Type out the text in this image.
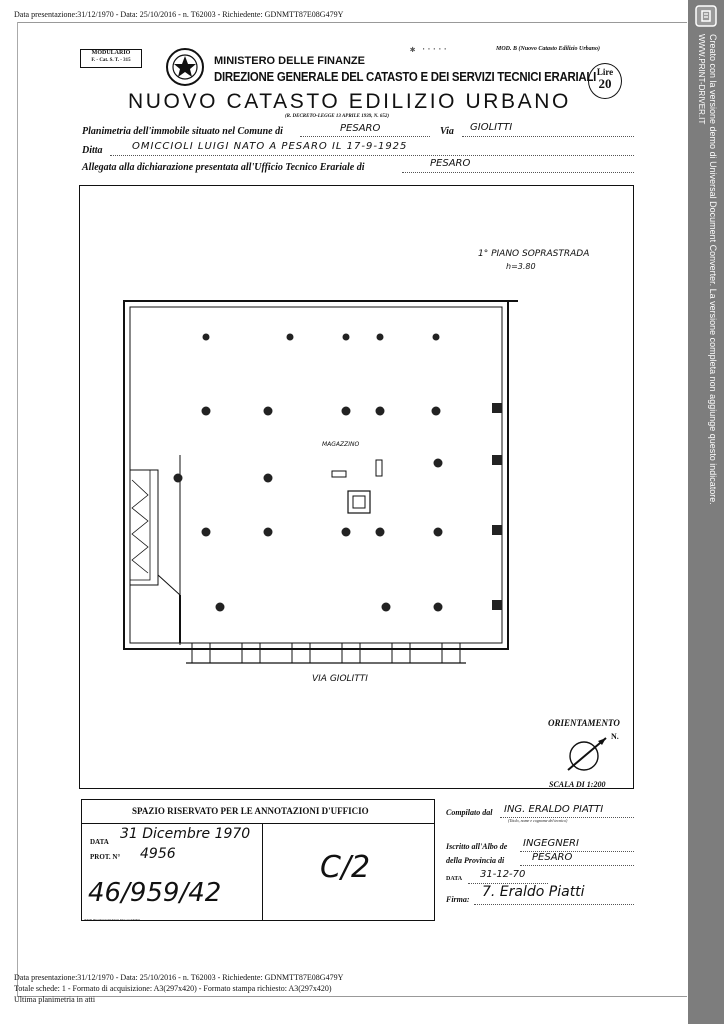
Data presentazione:31/12/1970 - Data: 25/10/2016 - n. T62003 - Richiedente: GDNMTT87E08G479Y
MODULARIO
F. - Cat. S. T. - 315	MINISTERO DELLE FINANZE
DIREZIONE GENERALE DEL CATASTO E DEI SERVIZI TECNICI ERARIALI
NUOVO CATASTO EDILIZIO URBANO
(R. DECRETO-LEGGE 13 APRILE 1939, N. 652)
✱ ·····	MOD. B (Nuovo Catasto Edilizio Urbano)
Lire
20
Planimetria dell'immobile situato nel Comune di	PESARO	Via GIOLITTI
Ditta	OMICCIOLI LUIGI NATO A PESARO IL 17-9-1925
Allegata alla dichiarazione presentata all'Ufficio Tecnico Erariale di	PESARO
1° PIANO SOPRASTRADA
h=3.80
MAGAZZINO
VIA GIOLITTI
ORIENTAMENTO
N.
SCALA DI 1:200
SPAZIO RISERVATO PER LE ANNOTAZIONI D'UFFICIO
DATA 31 Dicembre 1970
PROT. N° 4956
46/959/42
C/2
ISTITUTO POLIGRAFICO DELLO STATO
Compilato dal ING. ERALDO PIATTI
(Titolo, nome e cognome del tecnico)
Iscritto all'Albo de INGEGNERI
della Provincia di	PESARO
DATA 31-12-70
Firma: 7. Eraldo Piatti
Data presentazione:31/12/1970 - Data: 25/10/2016 - n. T62003 - Richiedente: GDNMTT87E08G479Y
Totale schede: 1 - Formato di acquisizione: A3(297x420) - Formato stampa richiesto: A3(297x420)
Ultima planimetria in atti
Creato con la versione demo di Universal Document Converter. La versione completa non aggiunge questo indicatore.
WWW.PRINT-DRIVER.IT
